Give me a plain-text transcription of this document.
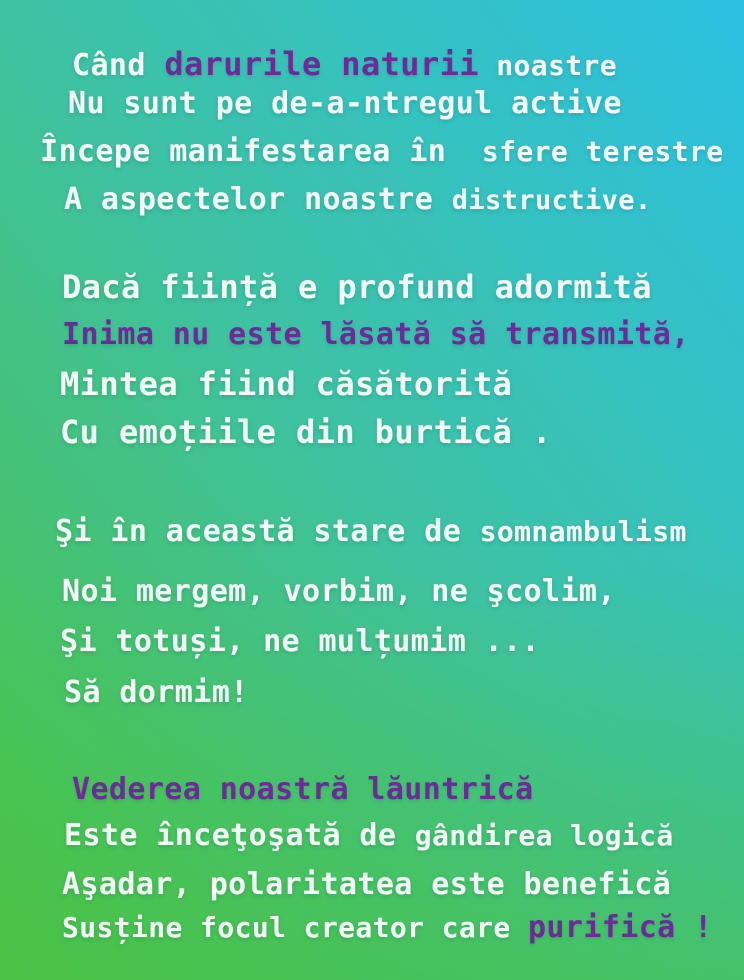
Când darurile naturii noastre
Nu sunt pe de-a-ntregul active
Începe manifestarea în  sfere terestre
A aspectelor noastre distructive.
Dacă ființă e profund adormită
Inima nu este lăsată să transmită,
Mintea fiind căsătorită
Cu emoțiile din burtică .
Şi în această stare de somnambulism
Noi mergem, vorbim, ne şcolim,
Şi totuși, ne mulțumim ...
Să dormim!
Vederea noastră lăuntrică
Este înceţoşată de gândirea logică
Aşadar, polaritatea este benefică
Susține focul creator care purifică !
